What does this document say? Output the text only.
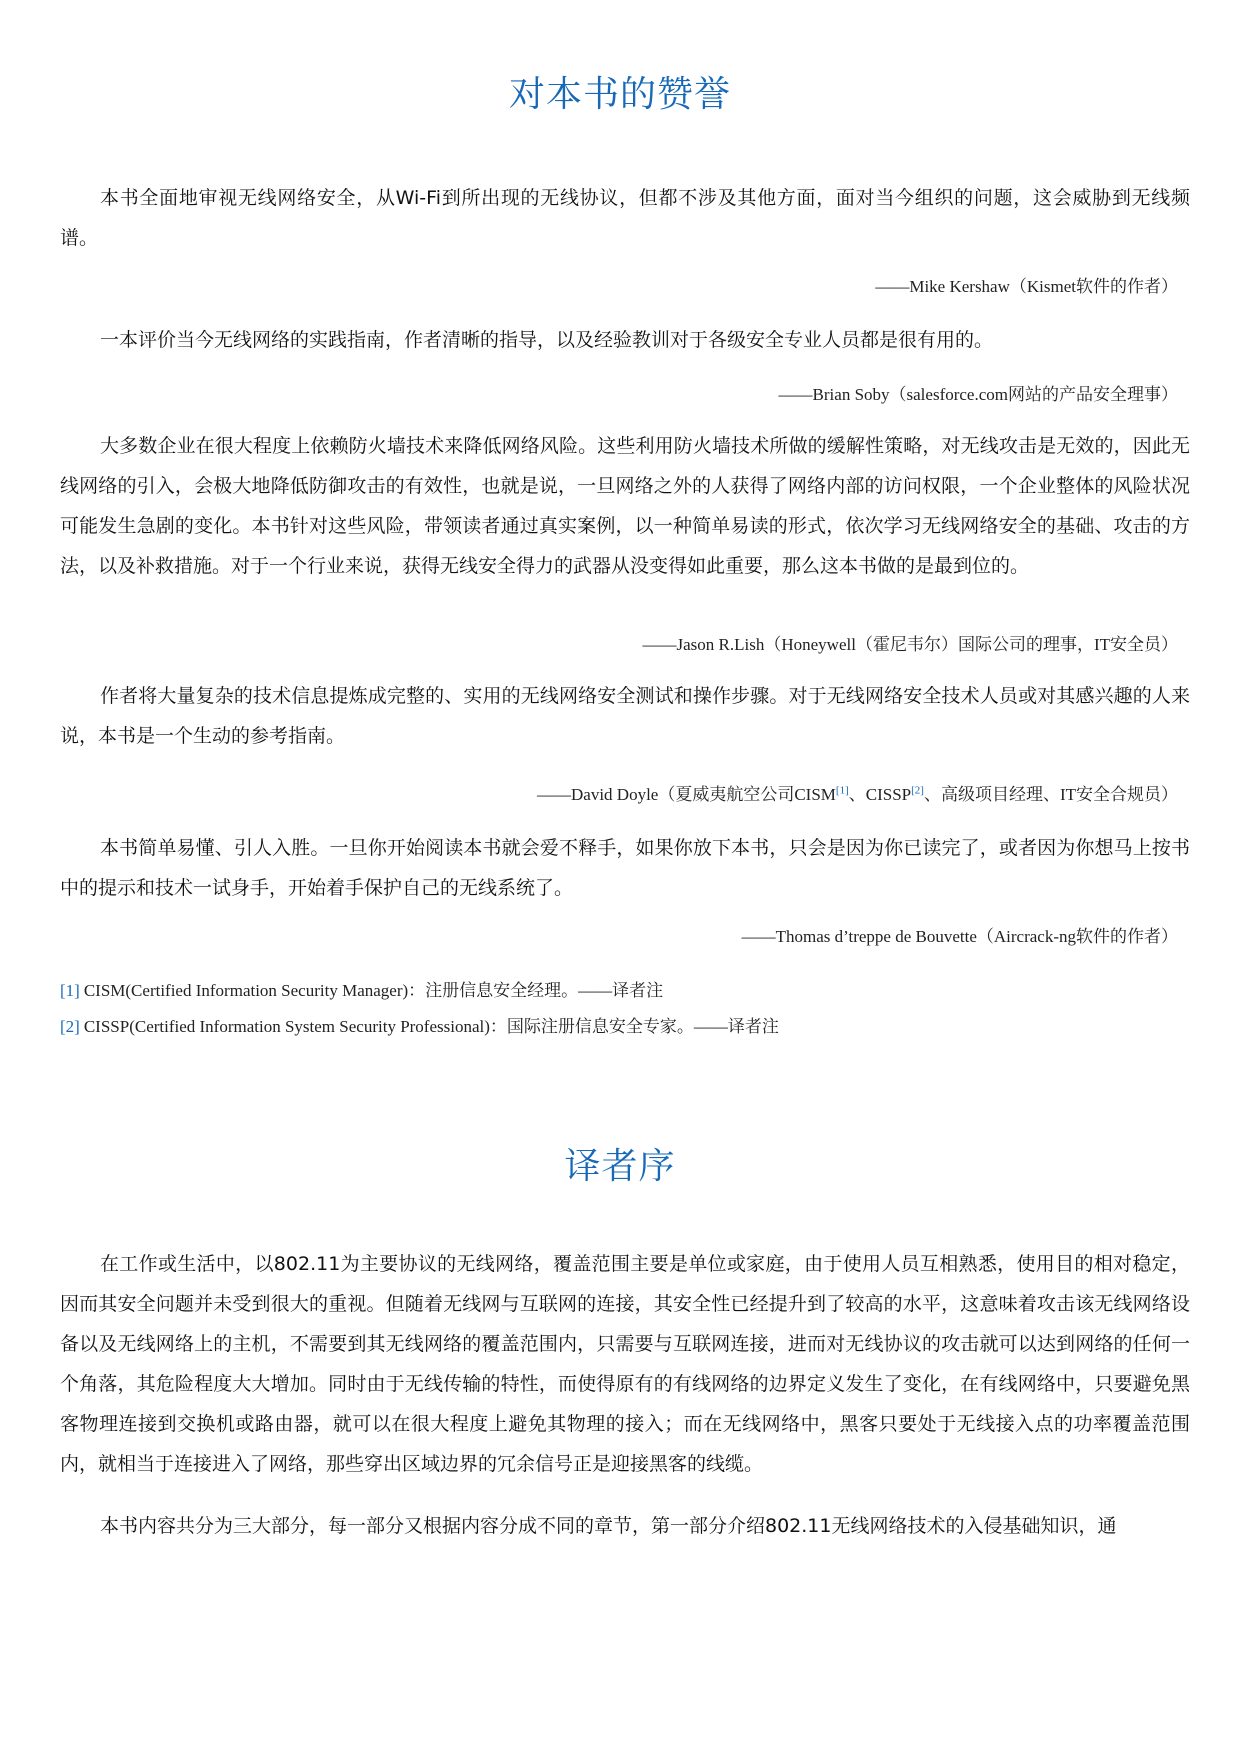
对本书的赞誉

本书全面地审视无线网络安全，从Wi-Fi到所出现的无线协议，但都不涉及其他方面，面对当今组织的问题，这会威胁到无线频谱。

——Mike Kershaw（Kismet软件的作者）

一本评价当今无线网络的实践指南，作者清晰的指导，以及经验教训对于各级安全专业人员都是很有用的。

——Brian Soby（salesforce.com网站的产品安全理事）

大多数企业在很大程度上依赖防火墙技术来降低网络风险。这些利用防火墙技术所做的缓解性策略，对无线攻击是无效的，因此无线网络的引入，会极大地降低防御攻击的有效性，也就是说，一旦网络之外的人获得了网络内部的访问权限，一个企业整体的风险状况可能发生急剧的变化。本书针对这些风险，带领读者通过真实案例，以一种简单易读的形式，依次学习无线网络安全的基础、攻击的方法，以及补救措施。对于一个行业来说，获得无线安全得力的武器从没变得如此重要，那么这本书做的是最到位的。

——Jason R.Lish（Honeywell（霍尼韦尔）国际公司的理事，IT安全员）

作者将大量复杂的技术信息提炼成完整的、实用的无线网络安全测试和操作步骤。对于无线网络安全技术人员或对其感兴趣的人来说，本书是一个生动的参考指南。

——David Doyle（夏威夷航空公司CISM[1]、CISSP[2]、高级项目经理、IT安全合规员）

本书简单易懂、引人入胜。一旦你开始阅读本书就会爱不释手，如果你放下本书，只会是因为你已读完了，或者因为你想马上按书中的提示和技术一试身手，开始着手保护自己的无线系统了。

——Thomas d’treppe de Bouvette（Aircrack-ng软件的作者）
[1] CISM(Certified Information Security Manager)：注册信息安全经理。——译者注
[2] CISSP(Certified Information System Security Professional)：国际注册信息安全专家。——译者注
译者序

在工作或生活中，以802.11为主要协议的无线网络，覆盖范围主要是单位或家庭，由于使用人员互相熟悉，使用目的相对稳定，因而其安全问题并未受到很大的重视。但随着无线网与互联网的连接，其安全性已经提升到了较高的水平，这意味着攻击该无线网络设备以及无线网络上的主机，不需要到其无线网络的覆盖范围内，只需要与互联网连接，进而对无线协议的攻击就可以达到网络的任何一个角落，其危险程度大大增加。同时由于无线传输的特性，而使得原有的有线网络的边界定义发生了变化，在有线网络中，只要避免黑客物理连接到交换机或路由器，就可以在很大程度上避免其物理的接入；而在无线网络中，黑客只要处于无线接入点的功率覆盖范围内，就相当于连接进入了网络，那些穿出区域边界的冗余信号正是迎接黑客的线缆。

本书内容共分为三大部分，每一部分又根据内容分成不同的章节，第一部分介绍802.11无线网络技术的入侵基础知识，通
